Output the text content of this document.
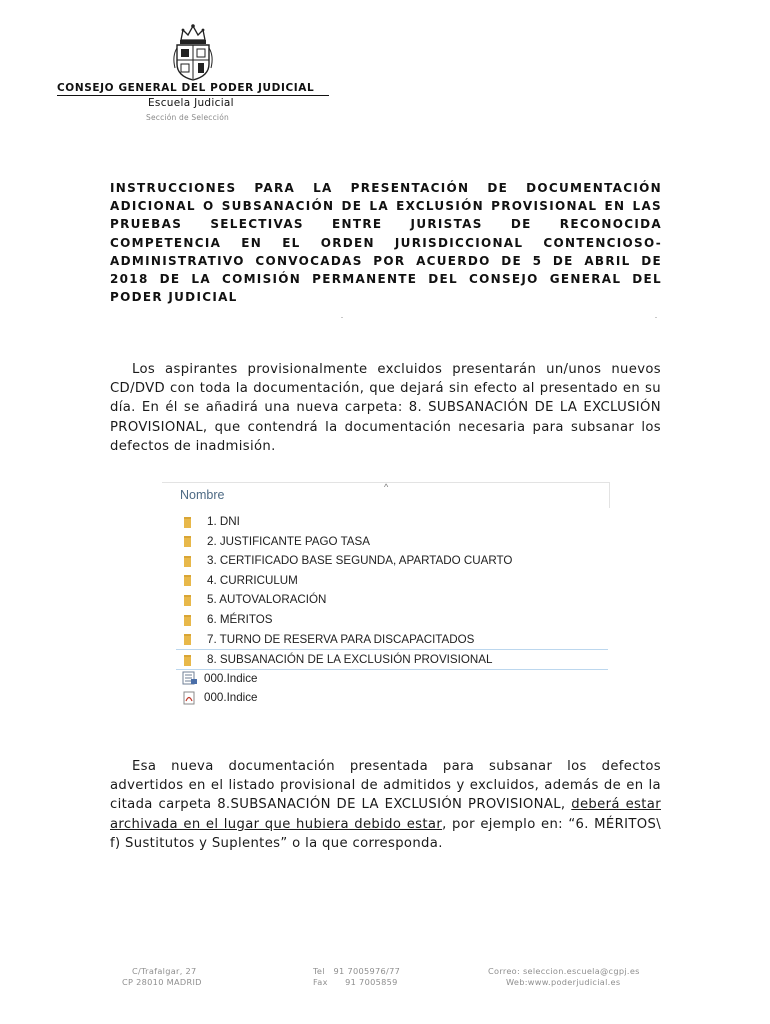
CONSEJO GENERAL DEL PODER JUDICIAL
Escuela Judicial
Sección de Selección
INSTRUCCIONES PARA LA PRESENTACIÓN DE DOCUMENTACIÓN ADICIONAL O SUBSANACIÓN DE LA EXCLUSIÓN PROVISIONAL EN LAS PRUEBAS SELECTIVAS ENTRE JURISTAS DE RECONOCIDA COMPETENCIA EN EL ORDEN JURISDICCIONAL CONTENCIOSO-ADMINISTRATIVO CONVOCADAS POR ACUERDO DE 5 DE ABRIL DE 2018 DE LA COMISIÓN PERMANENTE DEL CONSEJO GENERAL DEL PODER JUDICIAL
Los aspirantes provisionalmente excluidos presentarán un/unos nuevos CD/DVD con toda la documentación, que dejará sin efecto al presentado en su día. En él se añadirá una nueva carpeta: 8. SUBSANACIÓN DE LA EXCLUSIÓN PROVISIONAL, que contendrá la documentación necesaria para subsanar los defectos de inadmisión.
^
Nombre
1. DNI
2. JUSTIFICANTE PAGO TASA
3. CERTIFICADO BASE SEGUNDA, APARTADO CUARTO
4. CURRICULUM
5. AUTOVALORACIÓN
6. MÉRITOS
7. TURNO DE RESERVA PARA DISCAPACITADOS
8. SUBSANACIÓN DE LA EXCLUSIÓN PROVISIONAL
000.Indice
000.Indice
Esa nueva documentación presentada para subsanar los defectos advertidos en el listado provisional de admitidos y excluidos, además de en la citada carpeta 8.SUBSANACIÓN DE LA EXCLUSIÓN PROVISIONAL, deberá estar archivada en el lugar que hubiera debido estar, por ejemplo en: “6. MÉRITOS\ f) Sustitutos y Suplentes” o la que corresponda.
C/Trafalgar, 27
CP 28010 MADRID
Tel   91 7005976/77
Fax      91 7005859
Correo: seleccion.escuela@cgpj.es
Web:www.poderjudicial.es
